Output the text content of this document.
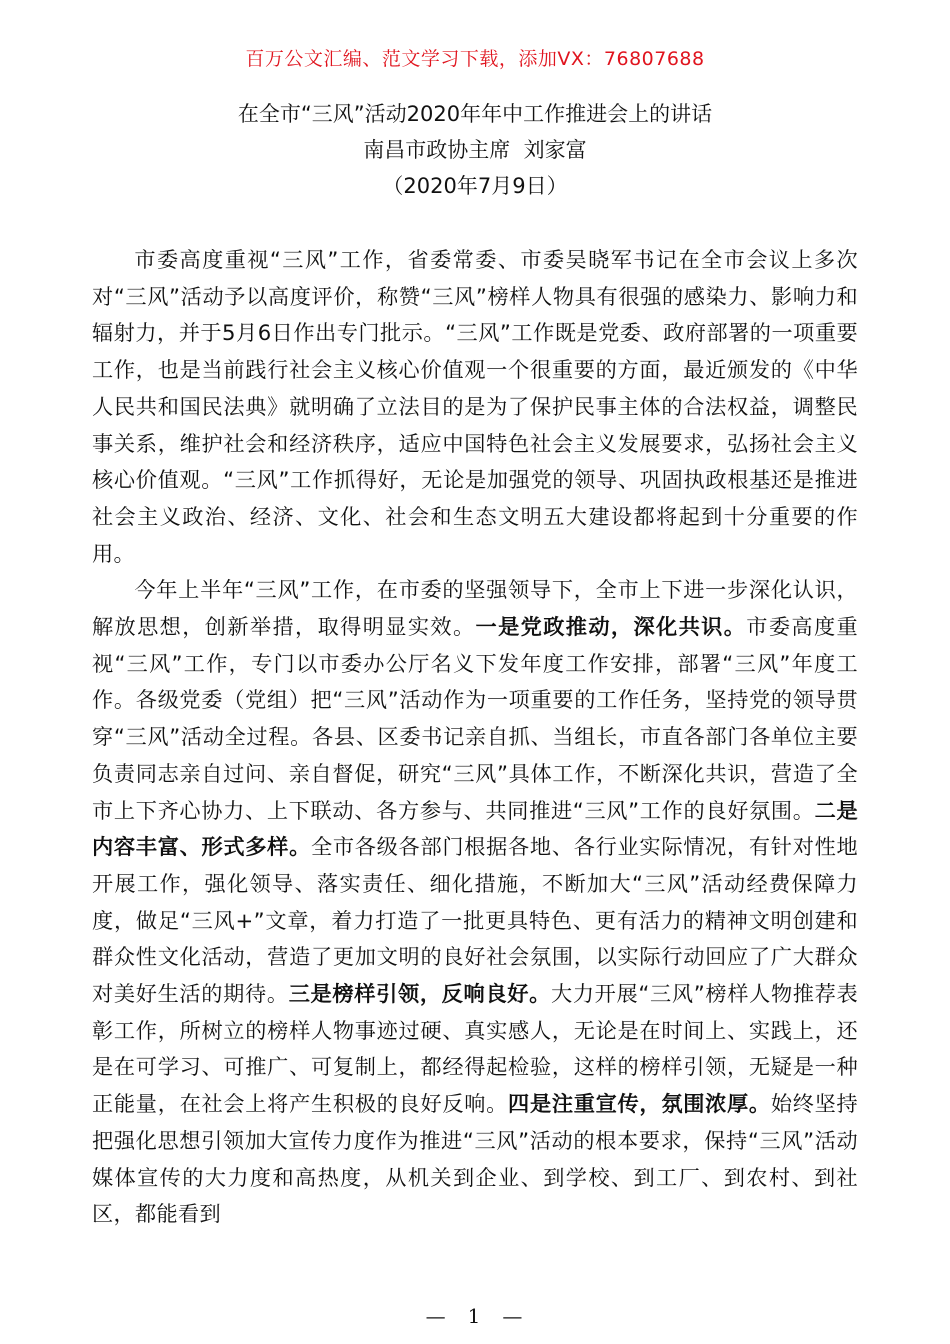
百万公文汇编、范文学习下载，添加VX：76807688
在全市“三风”活动2020年年中工作推进会上的讲话
南昌市政协主席  刘家富
（2020年7月9日）

市委高度重视“三风”工作，省委常委、市委吴晓军书记在全市会议上多次对“三风”活动予以高度评价，称赞“三风”榜样人物具有很强的感染力、影响力和辐射力，并于5月6日作出专门批示。“三风”工作既是党委、政府部署的一项重要工作，也是当前践行社会主义核心价值观一个很重要的方面，最近颁发的《中华人民共和国民法典》就明确了立法目的是为了保护民事主体的合法权益，调整民事关系，维护社会和经济秩序，适应中国特色社会主义发展要求，弘扬社会主义核心价值观。“三风”工作抓得好，无论是加强党的领导、巩固执政根基还是推进社会主义政治、经济、文化、社会和生态文明五大建设都将起到十分重要的作用。

今年上半年“三风”工作，在市委的坚强领导下，全市上下进一步深化认识，解放思想，创新举措，取得明显实效。一是党政推动，深化共识。市委高度重视“三风”工作，专门以市委办公厅名义下发年度工作安排，部署“三风”年度工作。各级党委（党组）把“三风”活动作为一项重要的工作任务，坚持党的领导贯穿“三风”活动全过程。各县、区委书记亲自抓、当组长，市直各部门各单位主要负责同志亲自过问、亲自督促，研究“三风”具体工作，不断深化共识，营造了全市上下齐心协力、上下联动、各方参与、共同推进“三风”工作的良好氛围。二是内容丰富、形式多样。全市各级各部门根据各地、各行业实际情况，有针对性地开展工作，强化领导、落实责任、细化措施，不断加大“三风”活动经费保障力度，做足“三风+”文章，着力打造了一批更具特色、更有活力的精神文明创建和群众性文化活动，营造了更加文明的良好社会氛围，以实际行动回应了广大群众对美好生活的期待。三是榜样引领，反响良好。大力开展“三风”榜样人物推荐表彰工作，所树立的榜样人物事迹过硬、真实感人，无论是在时间上、实践上，还是在可学习、可推广、可复制上，都经得起检验，这样的榜样引领，无疑是一种正能量，在社会上将产生积极的良好反响。四是注重宣传，氛围浓厚。始终坚持把强化思想引领加大宣传力度作为推进“三风”活动的根本要求，保持“三风”活动媒体宣传的大力度和高热度，从机关到企业、到学校、到工厂、到农村、到社区，都能看到

— 1 —
